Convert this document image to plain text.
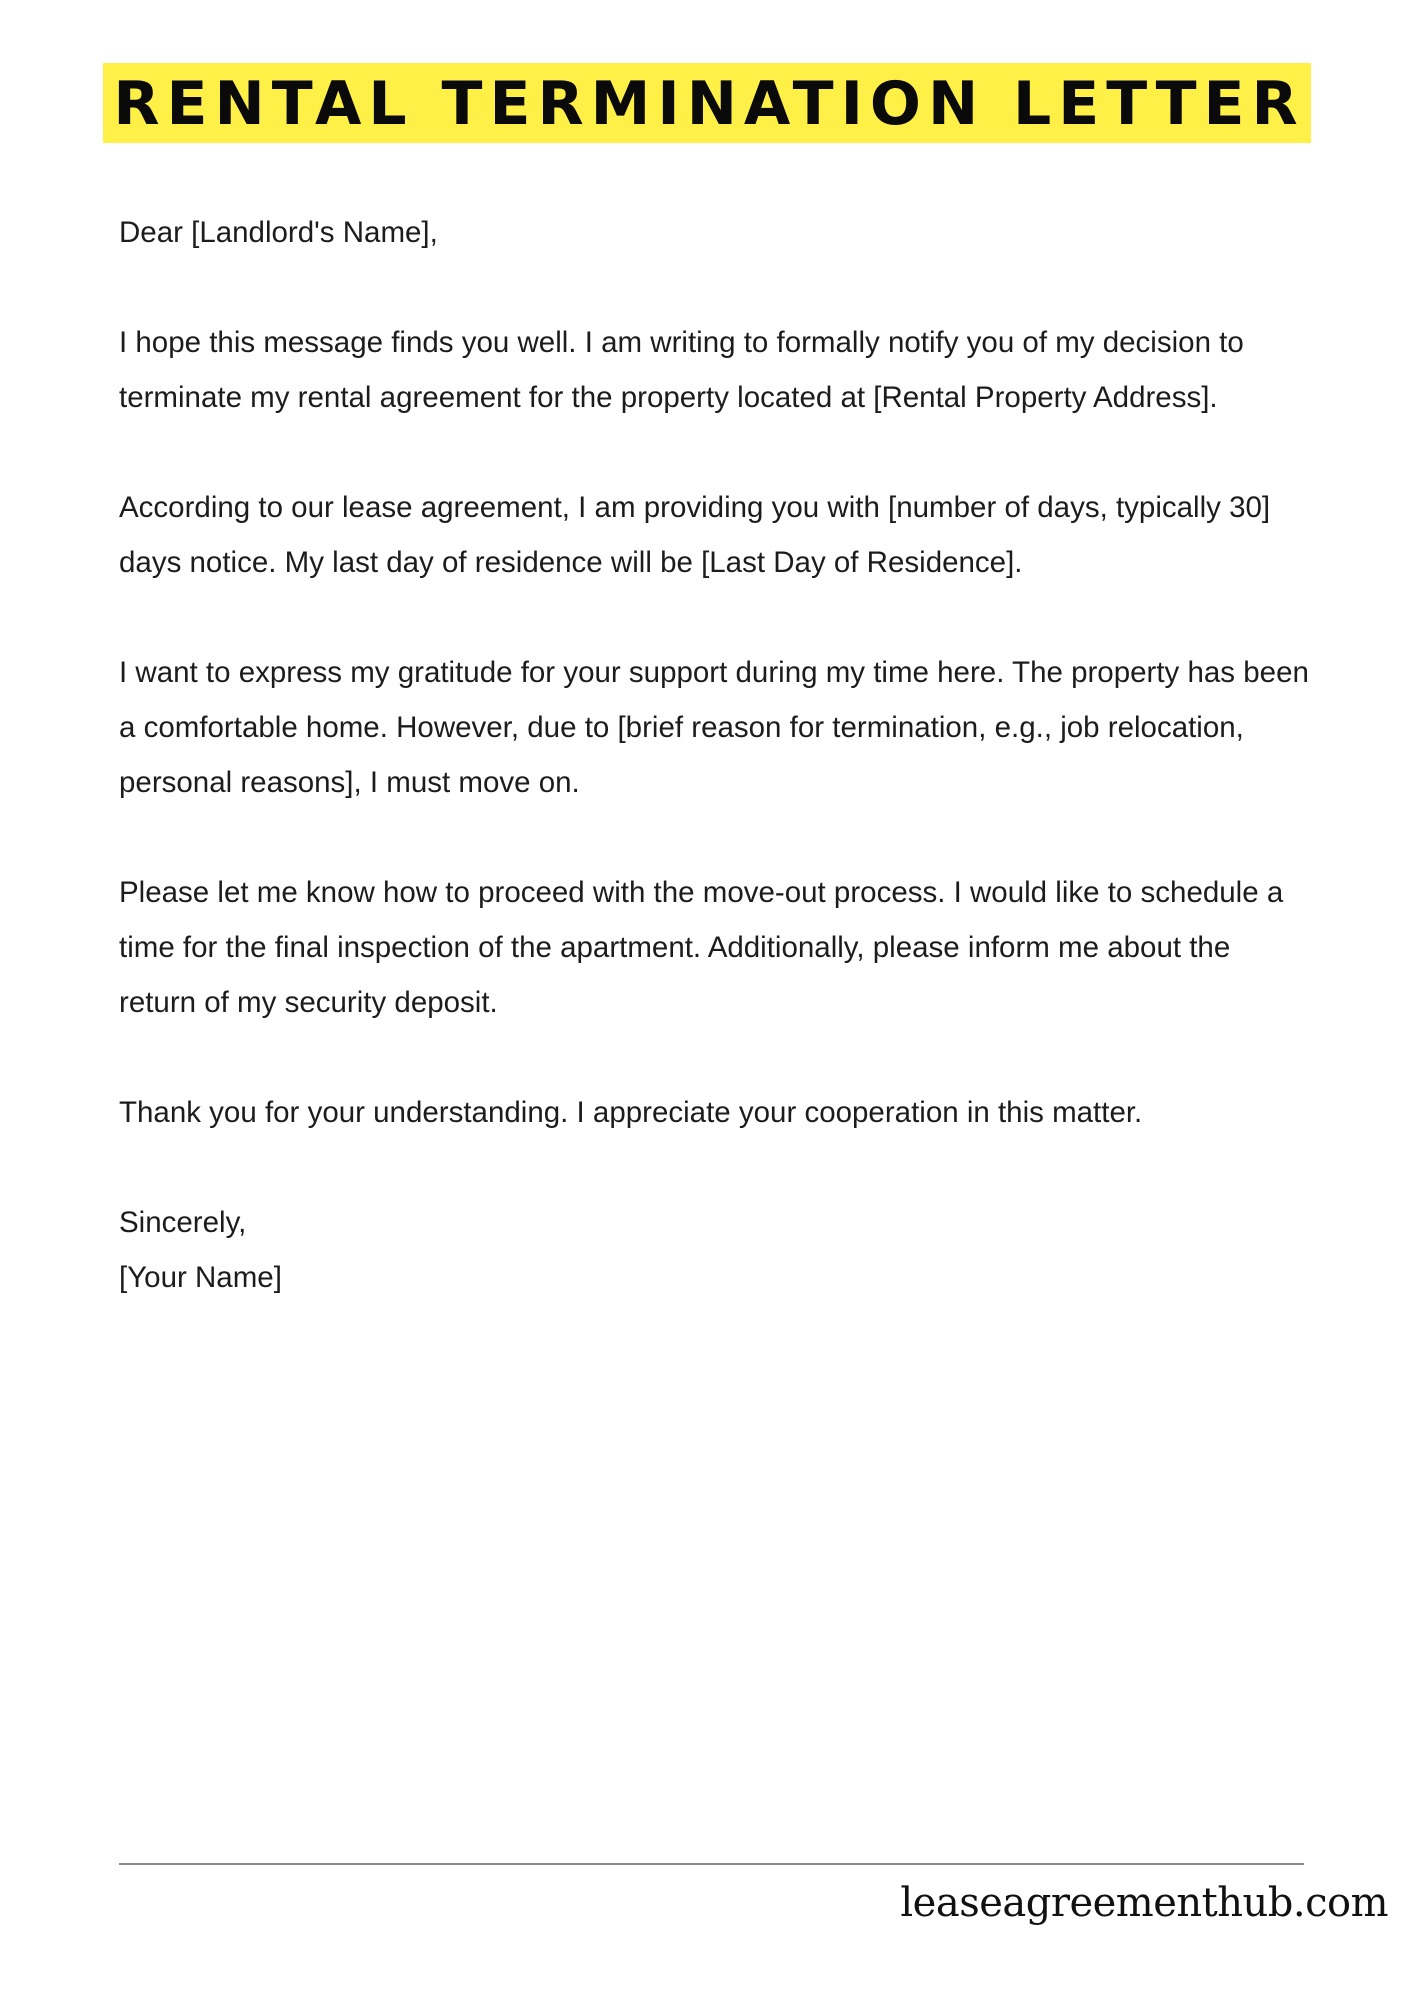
RENTAL TERMINATION LETTER

Dear [Landlord's Name],

I hope this message finds you well. I am writing to formally notify you of my decision to terminate my rental agreement for the property located at [Rental Property Address].

According to our lease agreement, I am providing you with [number of days, typically 30] days notice. My last day of residence will be [Last Day of Residence].

I want to express my gratitude for your support during my time here. The property has been a comfortable home. However, due to [brief reason for termination, e.g., job relocation, personal reasons], I must move on.

Please let me know how to proceed with the move-out process. I would like to schedule a time for the final inspection of the apartment. Additionally, please inform me about the return of my security deposit.

Thank you for your understanding. I appreciate your cooperation in this matter.

Sincerely,
[Your Name]
leaseagreementhub.com
